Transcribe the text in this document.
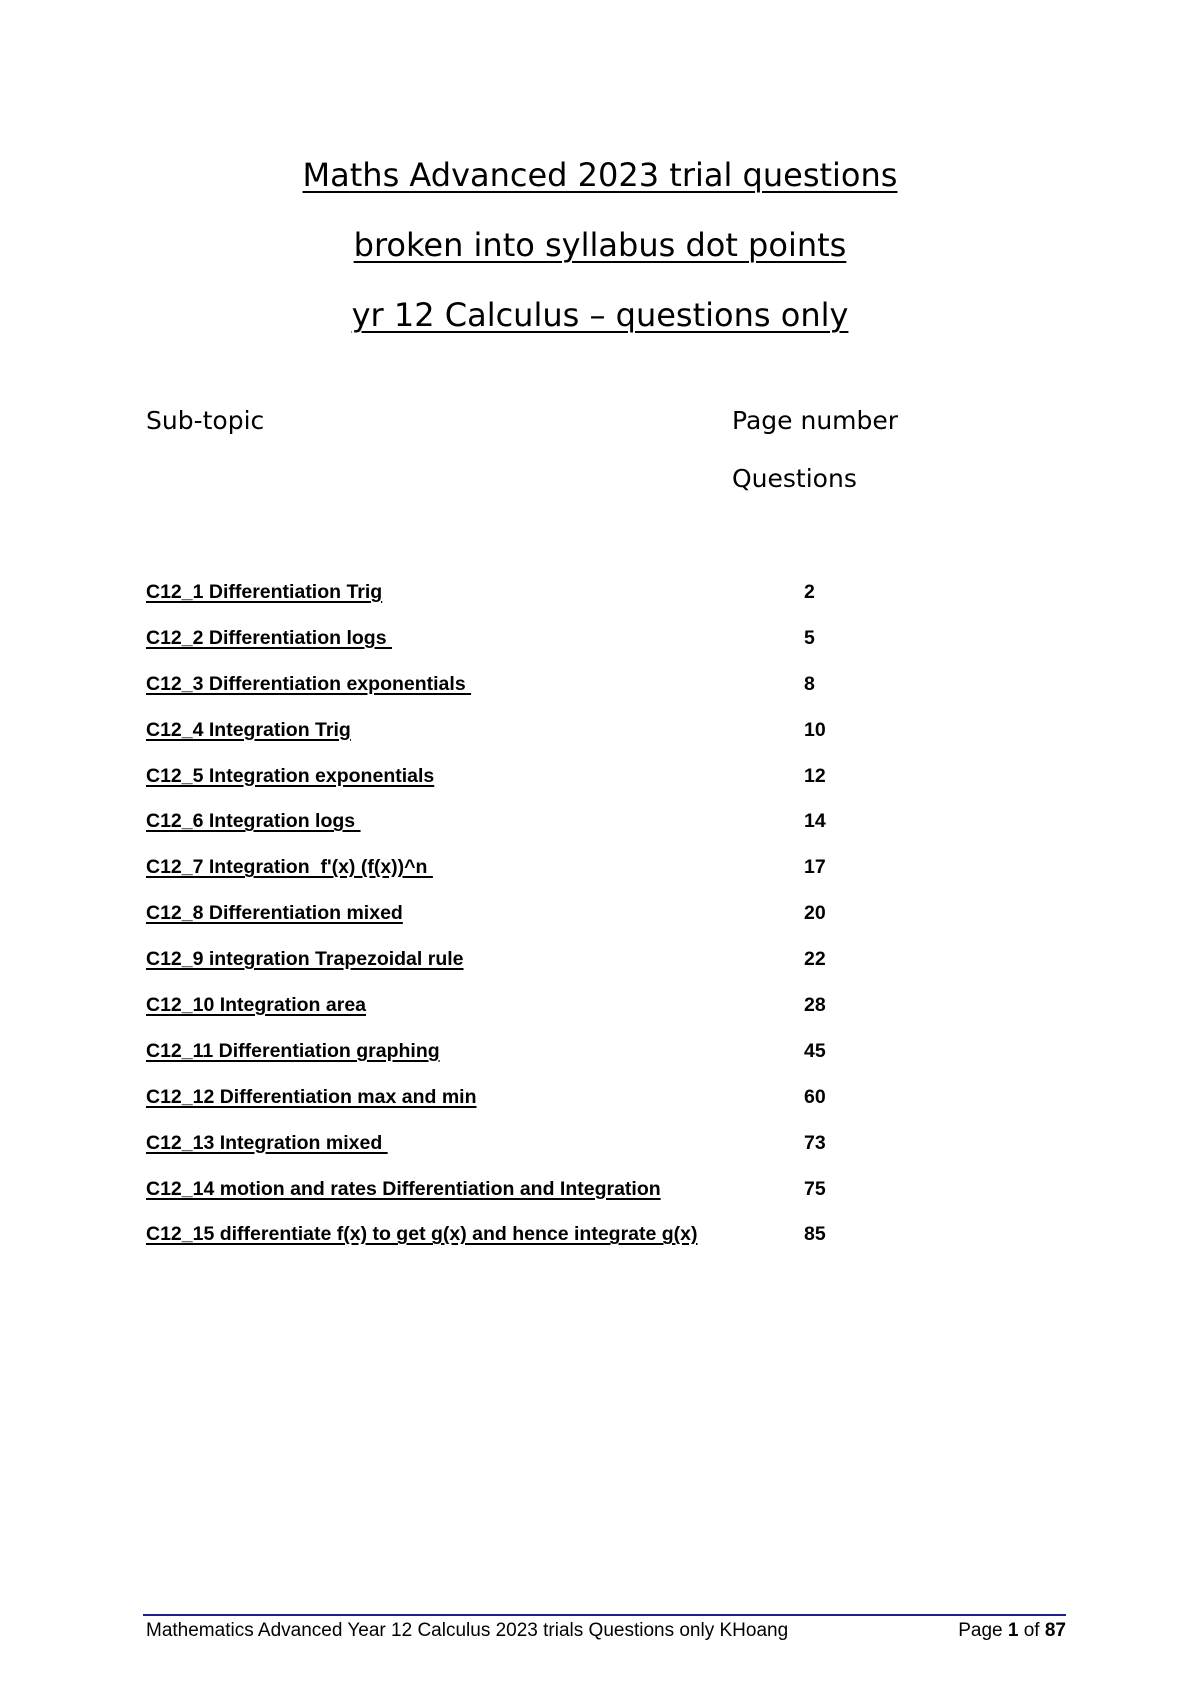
Maths Advanced 2023 trial questions
broken into syllabus dot points
yr 12 Calculus – questions only
Sub-topic	Page number
Questions
C12_1 Differentiation Trig	2
C12_2 Differentiation logs	5
C12_3 Differentiation exponentials	8
C12_4 Integration Trig	10
C12_5 Integration exponentials	12
C12_6 Integration logs	14
C12_7 Integration  f'(x) (f(x))^n	17
C12_8 Differentiation mixed	20
C12_9 integration Trapezoidal rule	22
C12_10 Integration area	28
C12_11 Differentiation graphing	45
C12_12 Differentiation max and min	60
C12_13 Integration mixed	73
C12_14 motion and rates Differentiation and Integration	75
C12_15 differentiate f(x) to get g(x) and hence integrate g(x)	85
Mathematics Advanced Year 12 Calculus 2023 trials Questions only KHoang	Page 1 of 87
